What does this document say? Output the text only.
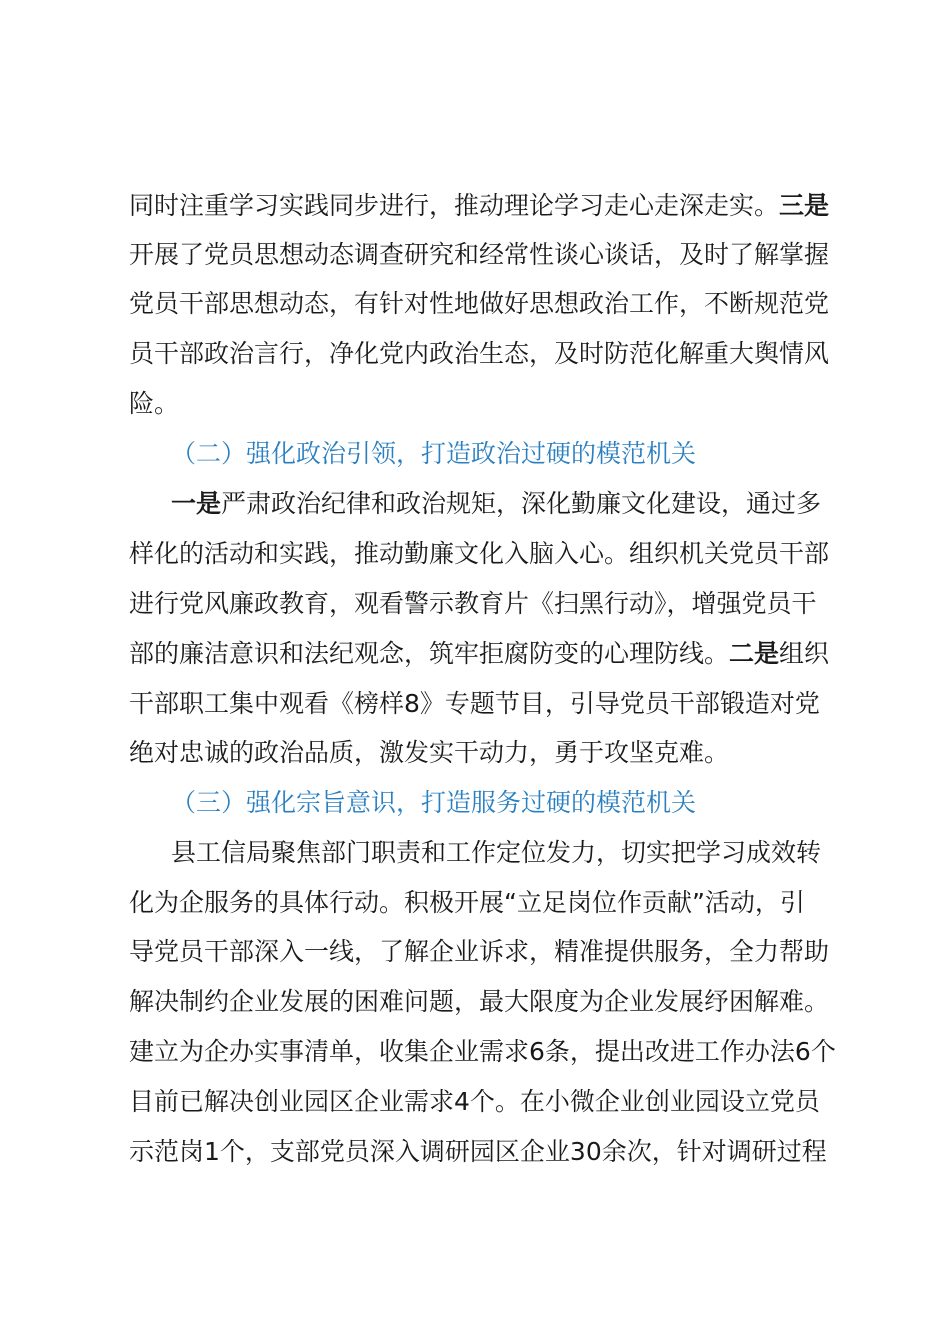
同时注重学习实践同步进行，推动理论学习走心走深走实。三是
开展了党员思想动态调查研究和经常性谈心谈话，及时了解掌握
党员干部思想动态，有针对性地做好思想政治工作，不断规范党
员干部政治言行，净化党内政治生态，及时防范化解重大舆情风
险。
（二）强化政治引领，打造政治过硬的模范机关
一是严肃政治纪律和政治规矩，深化勤廉文化建设，通过多
样化的活动和实践，推动勤廉文化入脑入心。组织机关党员干部
进行党风廉政教育，观看警示教育片《扫黑行动》，增强党员干
部的廉洁意识和法纪观念，筑牢拒腐防变的心理防线。二是组织
干部职工集中观看《榜样8》专题节目，引导党员干部锻造对党
绝对忠诚的政治品质，激发实干动力，勇于攻坚克难。
（三）强化宗旨意识，打造服务过硬的模范机关
县工信局聚焦部门职责和工作定位发力，切实把学习成效转
化为企服务的具体行动。积极开展“立足岗位作贡献”活动，引
导党员干部深入一线，了解企业诉求，精准提供服务，全力帮助
解决制约企业发展的困难问题，最大限度为企业发展纾困解难。
建立为企办实事清单，收集企业需求6条，提出改进工作办法6个
目前已解决创业园区企业需求4个。在小微企业创业园设立党员
示范岗1个，支部党员深入调研园区企业30余次，针对调研过程
